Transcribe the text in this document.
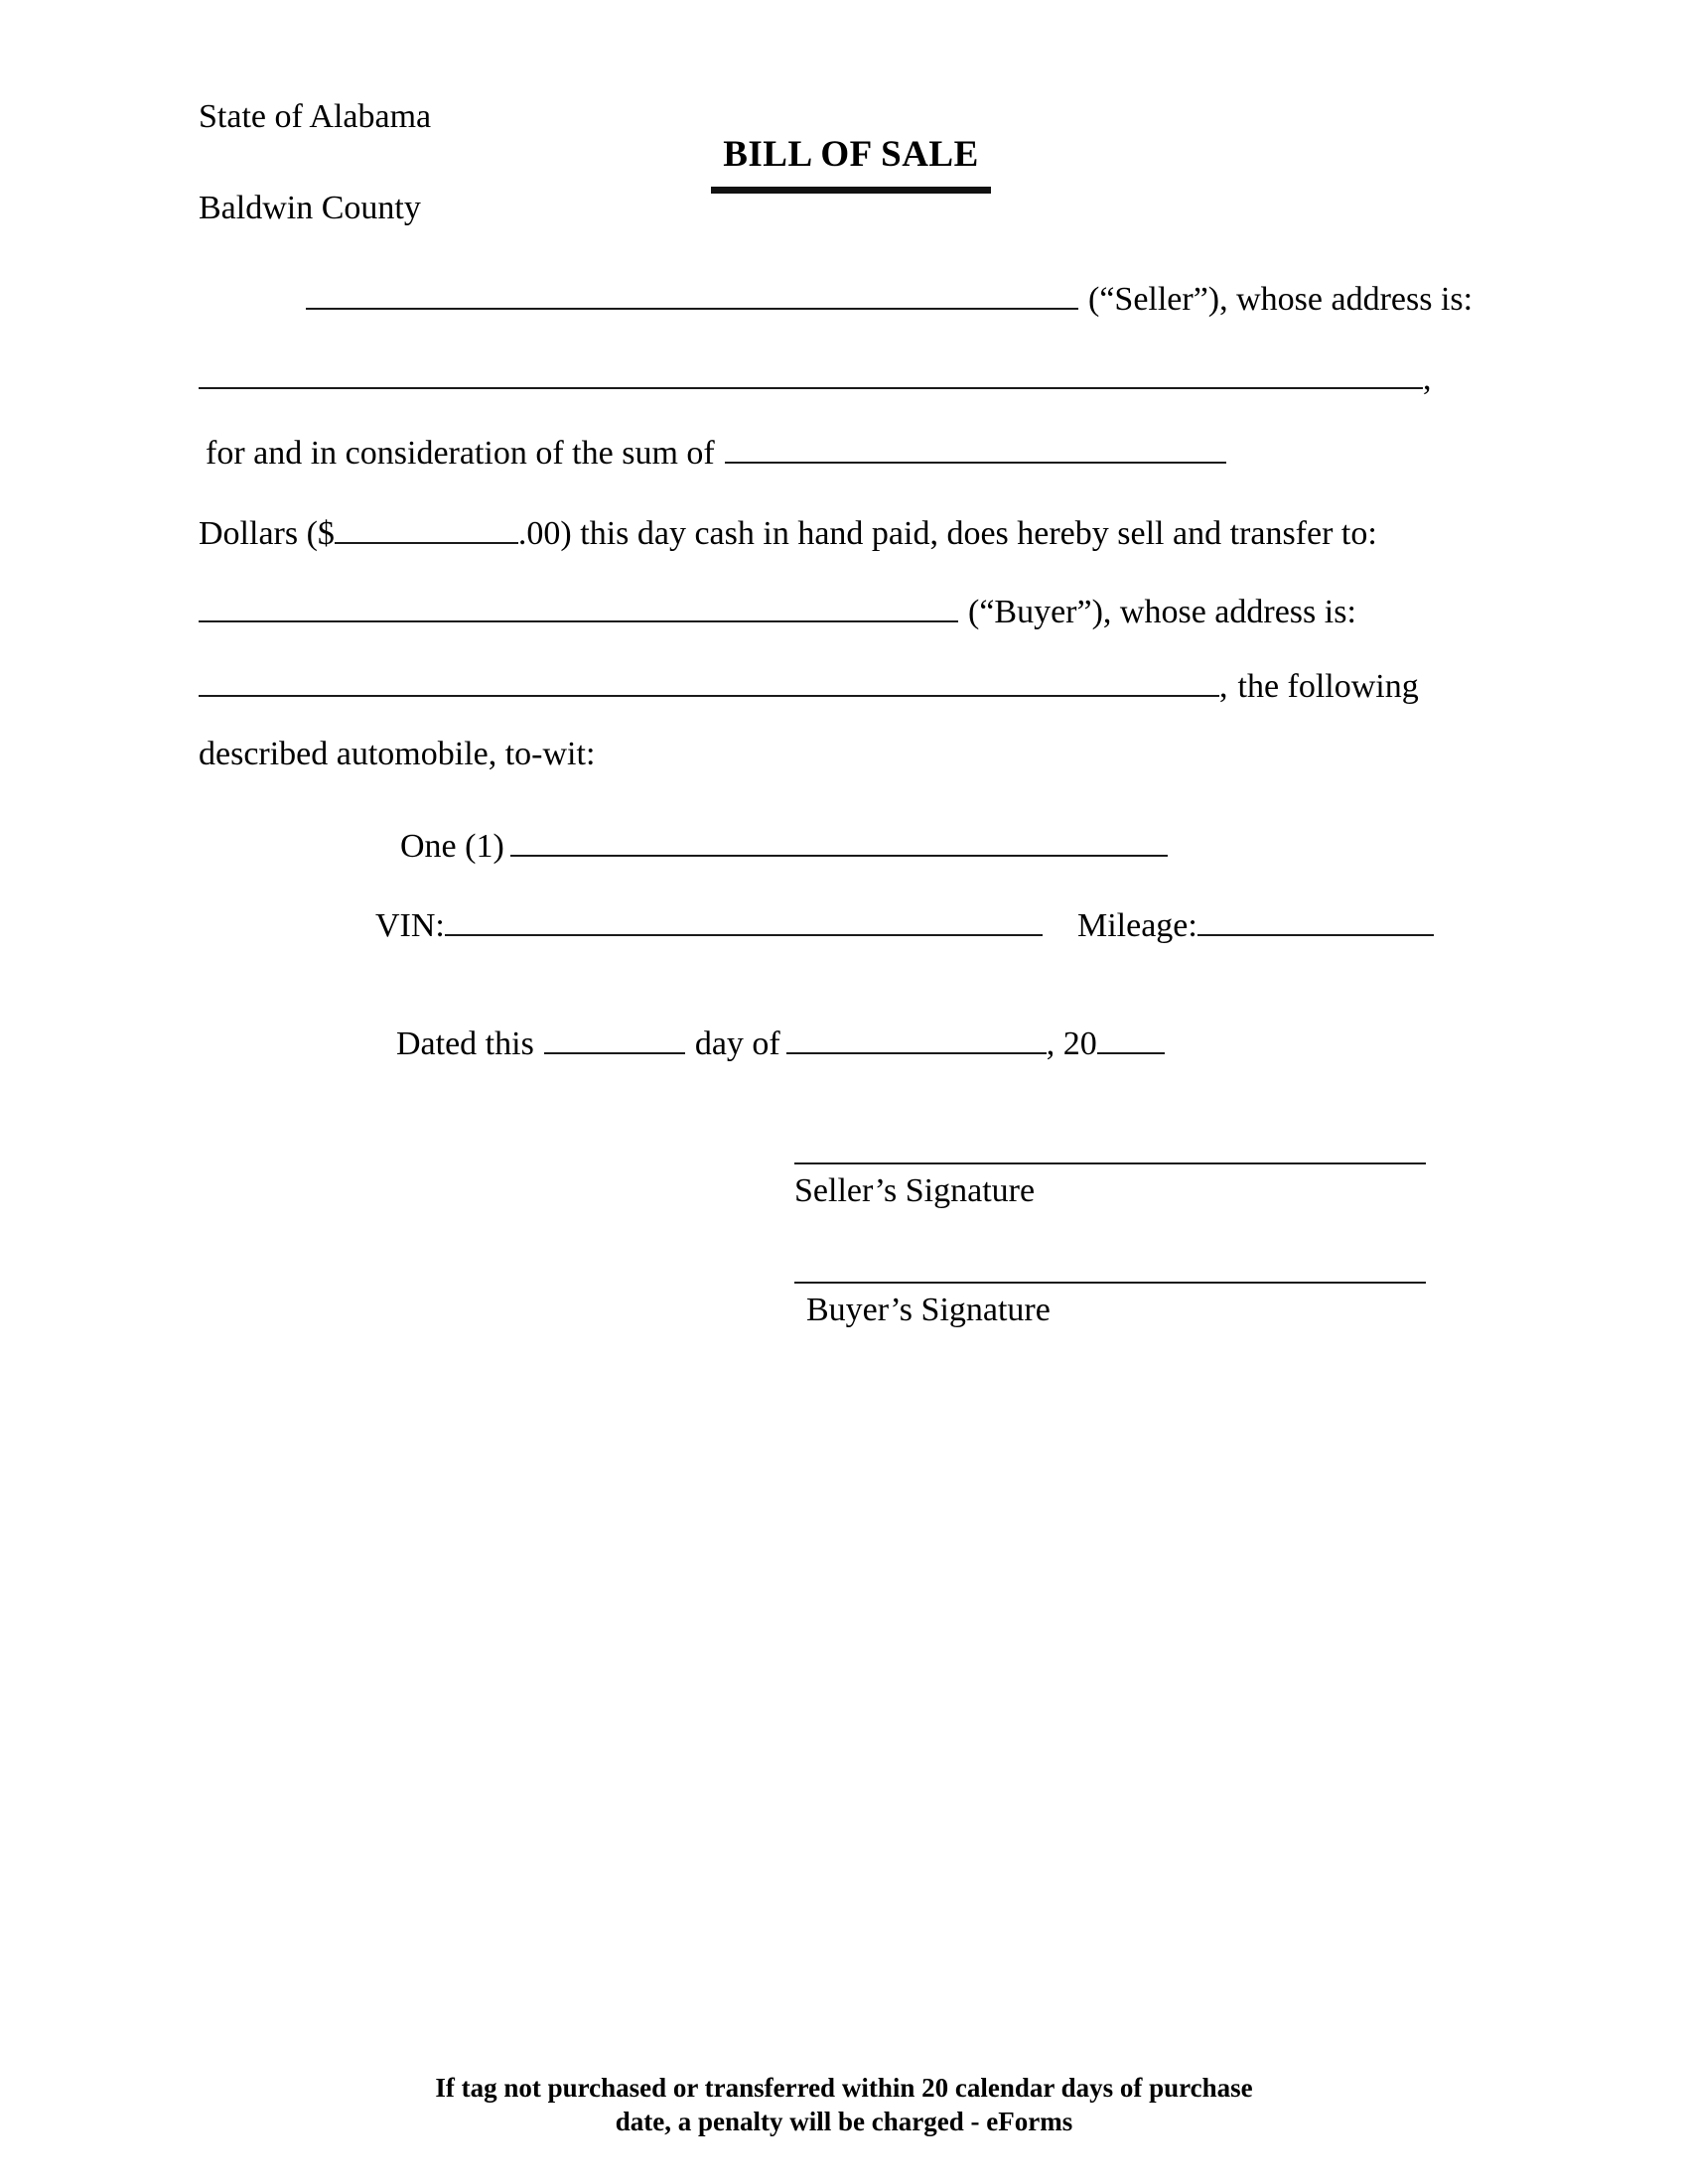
State of Alabama
BILL OF SALE
Baldwin County
(“Seller”), whose address is:
,
for and in consideration of the sum of
Dollars ($	.00) this day cash in hand paid, does hereby sell and transfer to:
(“Buyer”), whose address is:
, the following
described automobile, to-wit:
One (1)
VIN:	Mileage:
Dated this	day of	, 20
Seller’s Signature
Buyer’s Signature
If tag not purchased or transferred within 20 calendar days of purchase
date, a penalty will be charged - eForms
